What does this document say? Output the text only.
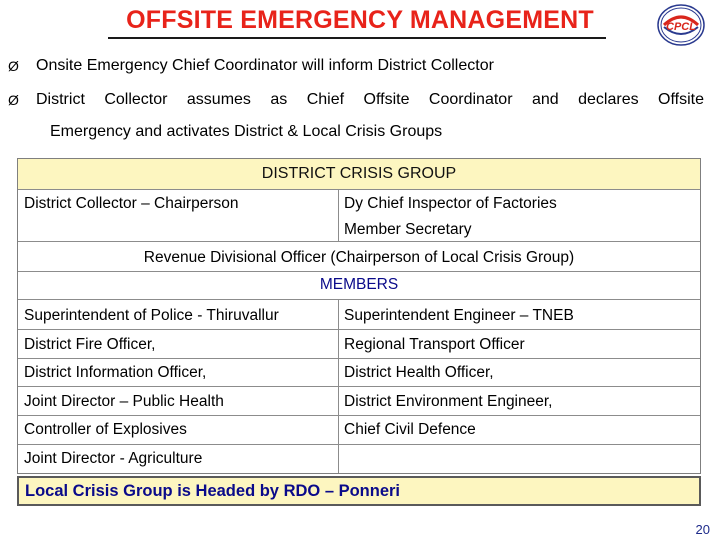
OFFSITE EMERGENCY MANAGEMENT	CPCL
Ø	Onsite Emergency Chief Coordinator will inform District Collector
Ø	District Collector assumes as Chief Offsite Coordinator and declares Offsite
Emergency and activates District & Local Crisis Groups
DISTRICT CRISIS GROUP
District Collector – Chairperson	Dy Chief Inspector of Factories
Member Secretary
Revenue Divisional Officer (Chairperson of Local Crisis Group)
MEMBERS
Superintendent of Police - Thiruvallur	Superintendent Engineer – TNEB
District Fire Officer,	Regional Transport Officer
District Information Officer,	District Health Officer,
Joint Director – Public Health	District Environment Engineer,
Controller of Explosives	Chief Civil Defence
Joint Director - Agriculture
Local Crisis Group is Headed by RDO – Ponneri
20
